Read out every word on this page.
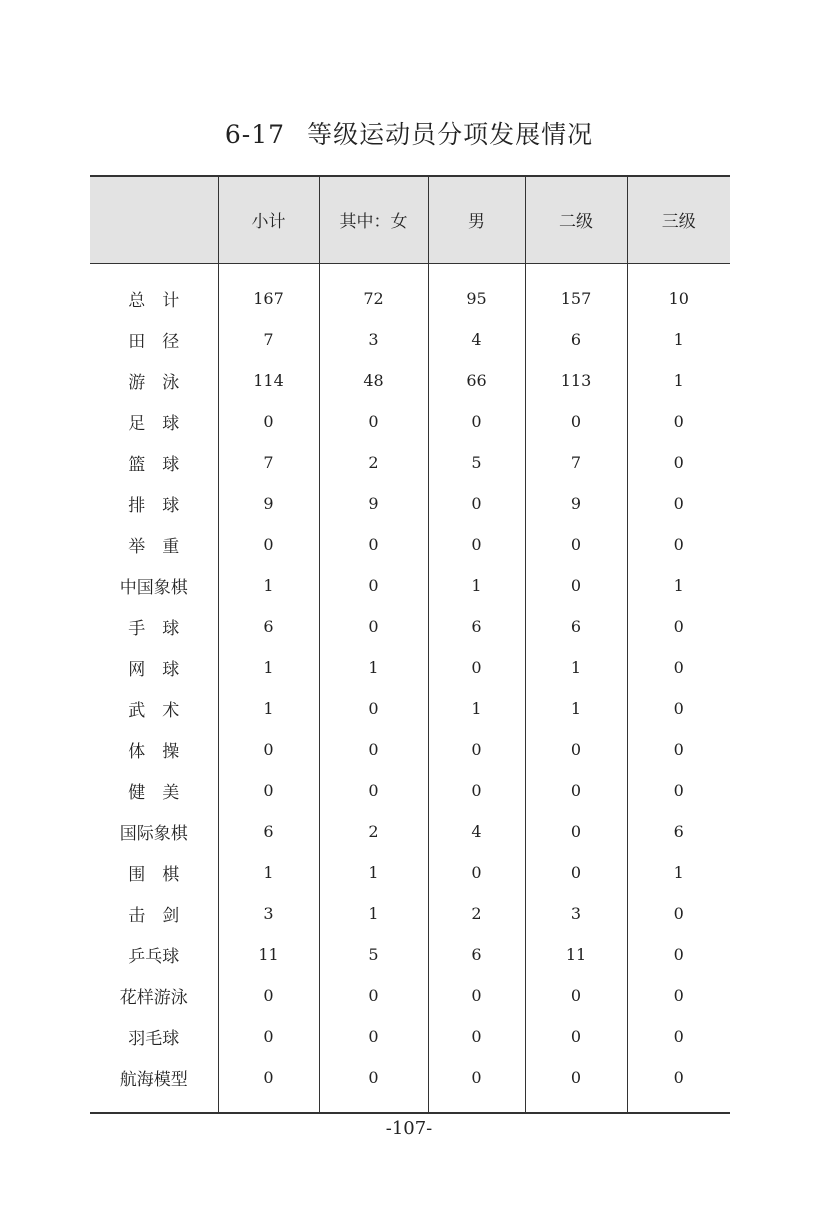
6-17 等级运动员分项发展情况
	小计	其中：女	男	二级	三级
总　计	167	72	95	157	10
田　径	7	3	4	6	1
游　泳	114	48	66	113	1
足　球	0	0	0	0	0
篮　球	7	2	5	7	0
排　球	9	9	0	9	0
举　重	0	0	0	0	0
中国象棋	1	0	1	0	1
手　球	6	0	6	6	0
网　球	1	1	0	1	0
武　术	1	0	1	1	0
体　操	0	0	0	0	0
健　美	0	0	0	0	0
国际象棋	6	2	4	0	6
围　棋	1	1	0	0	1
击　剑	3	1	2	3	0
乒乓球	11	5	6	11	0
花样游泳	0	0	0	0	0
羽毛球	0	0	0	0	0
航海模型	0	0	0	0	0
-107-
